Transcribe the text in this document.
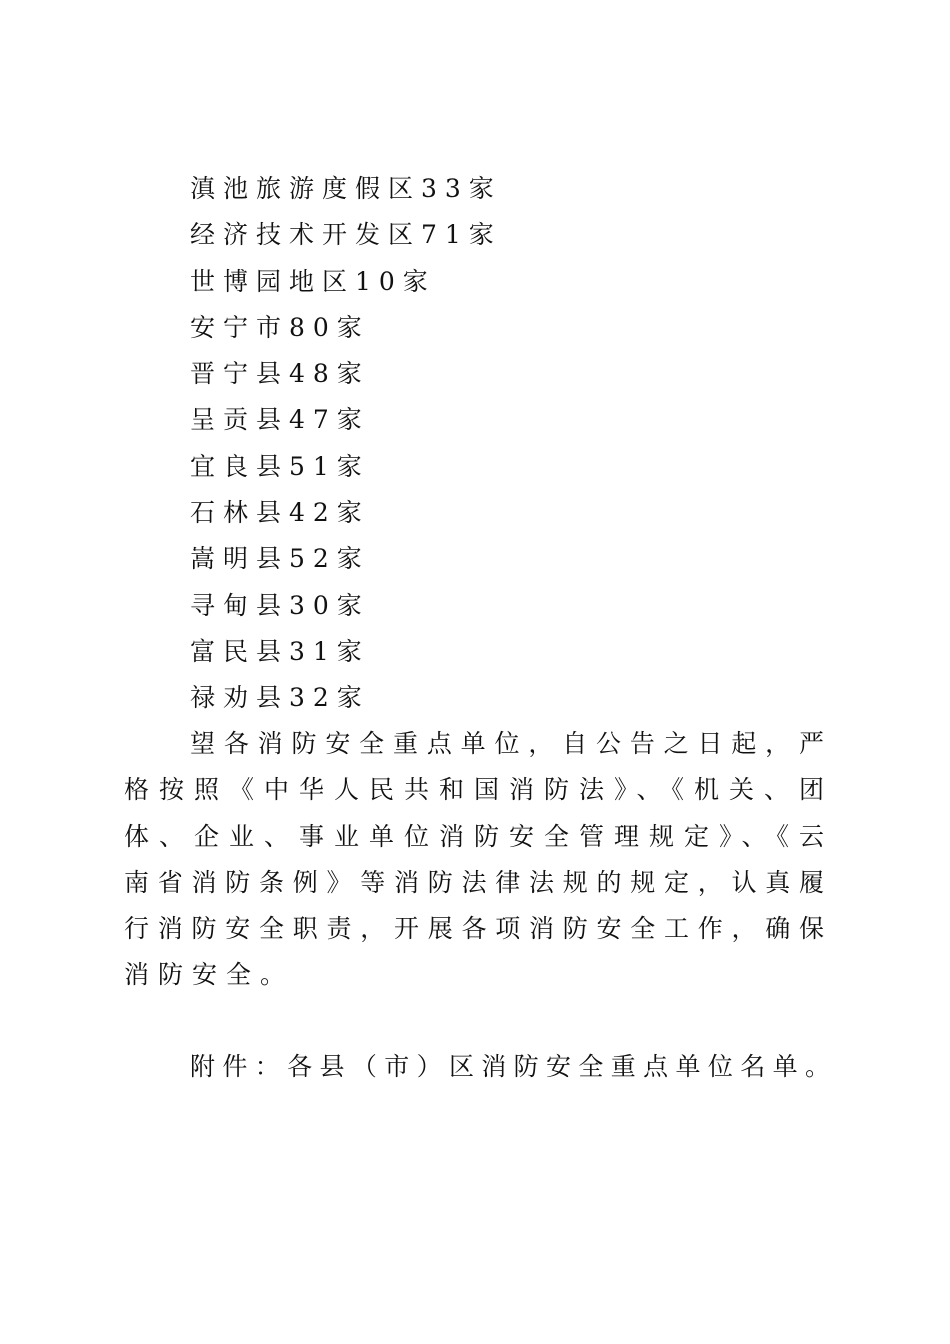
滇池旅游度假区33家
经济技术开发区71家
世博园地区10家
安宁市80家
晋宁县48家
呈贡县47家
宜良县51家
石林县42家
嵩明县52家
寻甸县30家
富民县31家
禄劝县32家
望各消防安全重点单位，自公告之日起，严
格按照《中华人民共和国消防法》、《机关、团
体、企业、事业单位消防安全管理规定》、《云
南省消防条例》等消防法律法规的规定，认真履
行消防安全职责，开展各项消防安全工作，确保
消防安全。

附件：各县（市）区消防安全重点单位名单。
